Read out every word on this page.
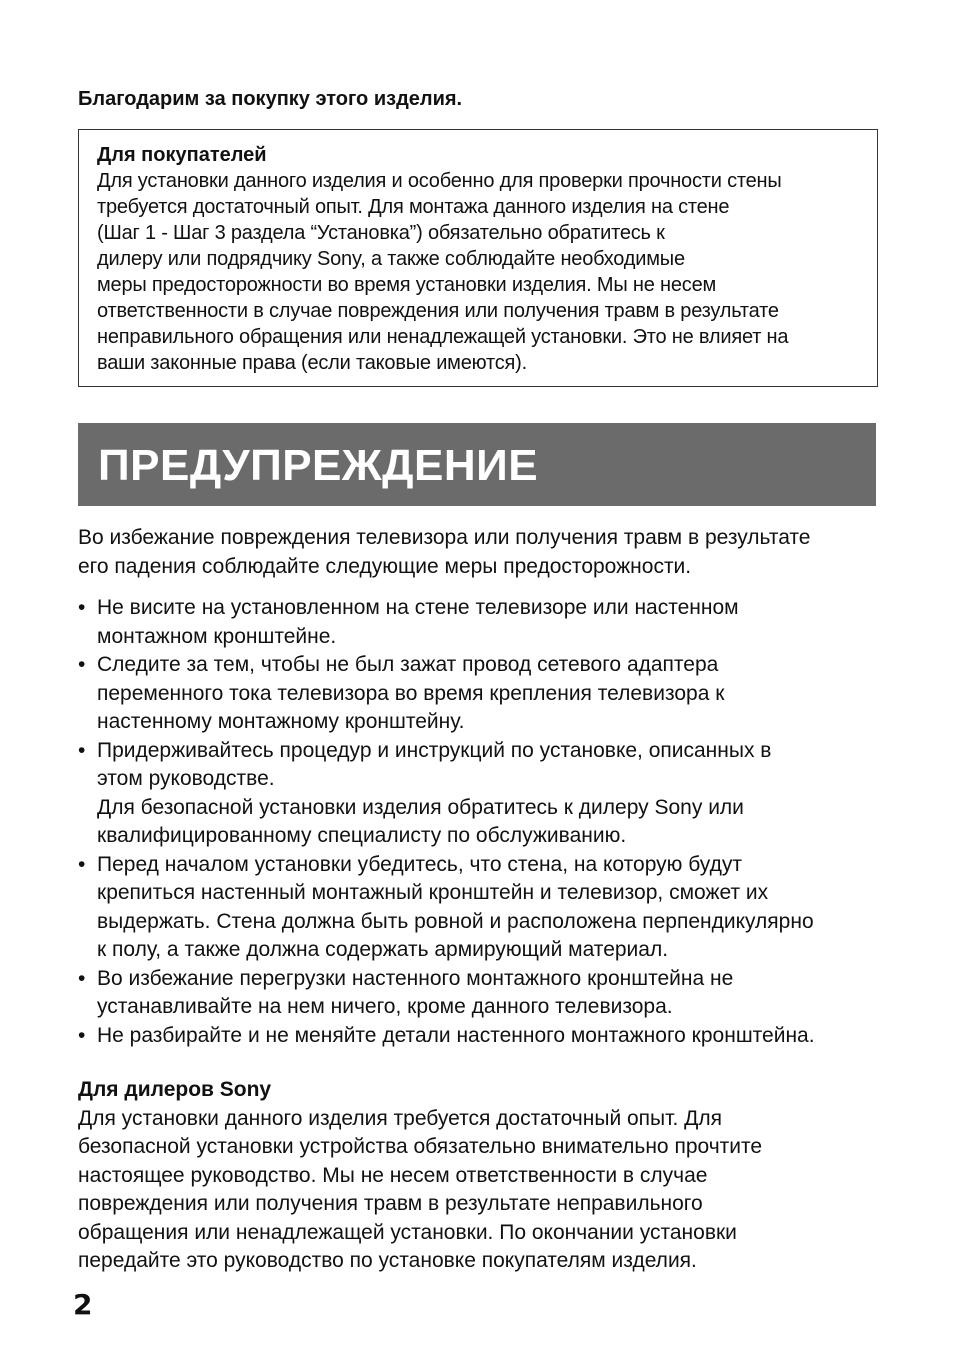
Благодарим за покупку этого изделия.
Для покупателей
Для установки данного изделия и особенно для проверки прочности стены
требуется достаточный опыт. Для монтажа данного изделия на стене
(Шаг 1 - Шаг 3 раздела “Установка”) обязательно обратитесь к
дилеру или подрядчику Sony, а также соблюдайте необходимые
меры предосторожности во время установки изделия. Мы не несем
ответственности в случае повреждения или получения травм в результате
неправильного обращения или ненадлежащей установки. Это не влияет на
ваши законные права (если таковые имеются).
ПРЕДУПРЕЖДЕНИЕ
Во избежание повреждения телевизора или получения травм в результате
его падения соблюдайте следующие меры предосторожности.
• Не висите на установленном на стене телевизоре или настенном
монтажном кронштейне.
• Следите за тем, чтобы не был зажат провод сетевого адаптера
переменного тока телевизора во время крепления телевизора к
настенному монтажному кронштейну.
• Придерживайтесь процедур и инструкций по установке, описанных в
этом руководстве.
Для безопасной установки изделия обратитесь к дилеру Sony или
квалифицированному специалисту по обслуживанию.
• Перед началом установки убедитесь, что стена, на которую будут
крепиться настенный монтажный кронштейн и телевизор, сможет их
выдержать. Стена должна быть ровной и расположена перпендикулярно
к полу, а также должна содержать армирующий материал.
• Во избежание перегрузки настенного монтажного кронштейна не
устанавливайте на нем ничего, кроме данного телевизора.
• Не разбирайте и не меняйте детали настенного монтажного кронштейна.
Для дилеров Sony
Для установки данного изделия требуется достаточный опыт. Для
безопасной установки устройства обязательно внимательно прочтите
настоящее руководство. Мы не несем ответственности в случае
повреждения или получения травм в результате неправильного
обращения или ненадлежащей установки. По окончании установки
передайте это руководство по установке покупателям изделия.
2
